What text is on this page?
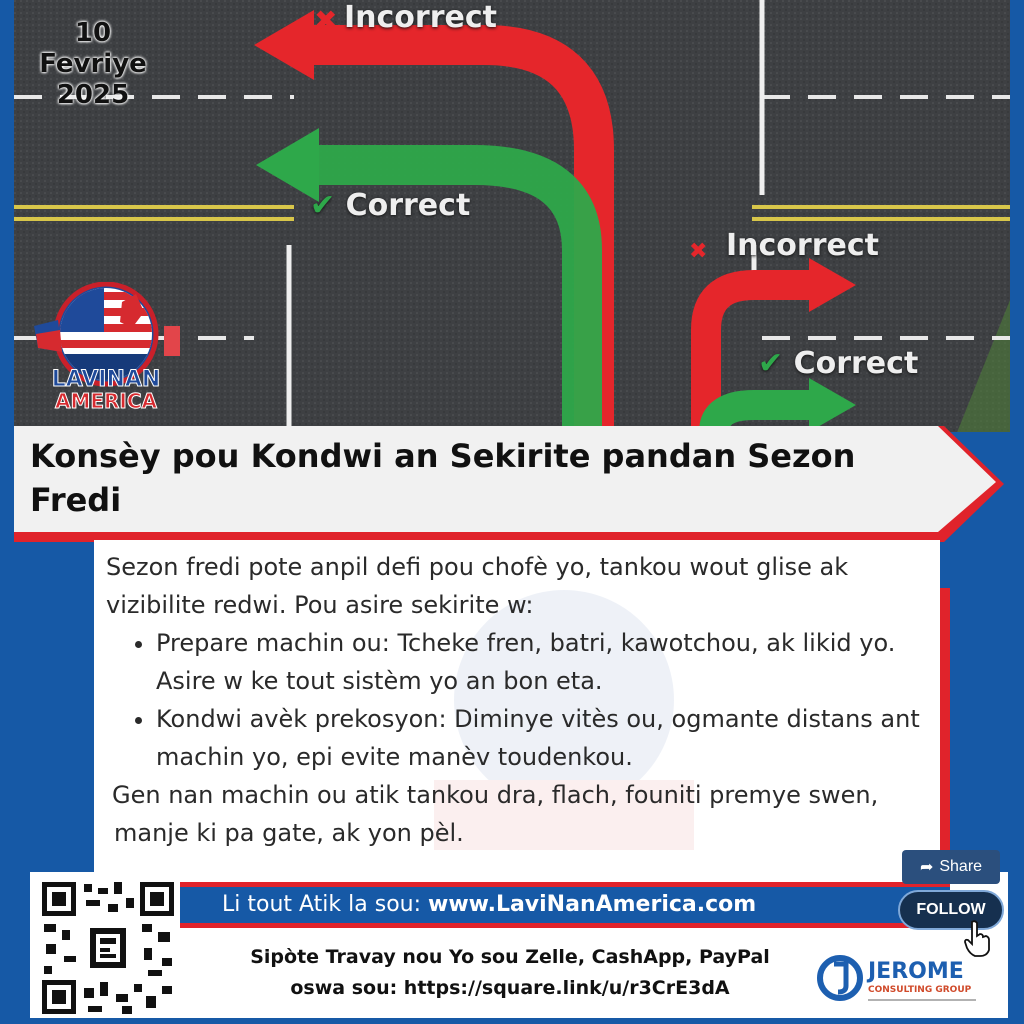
✖
✖
Incorrect
✔ Correct
Incorrect
✔ Correct
10
Fevriye
2025
LAVINAN
AMERICA
Konsèy pou Kondwi an Sekirite pandan Sezon Fredi

Sezon fredi pote anpil defi pou chofè yo, tankou wout glise ak vizibilite redwi. Pou asire sekirite w:

• Prepare machin ou: Tcheke fren, batri, kawotchou, ak likid yo. Asire w ke tout sistèm yo an bon eta.
• Kondwi avèk prekosyon: Diminye vitès ou, ogmante distans ant machin yo, epi evite manèv toudenkou.

Gen nan machin ou atik tankou dra, flach, founiti premye swen, manje ki pa gate, ak yon pèl.

Li tout Atik la sou: www.LaviNanAmerica.com
Sipòte Travay nou Yo sou Zelle, CashApp, PayPal
oswa sou: https://square.link/u/r3CrE3dA
JEROME
CONSULTING GROUP
➦ Share
FOLLOW
